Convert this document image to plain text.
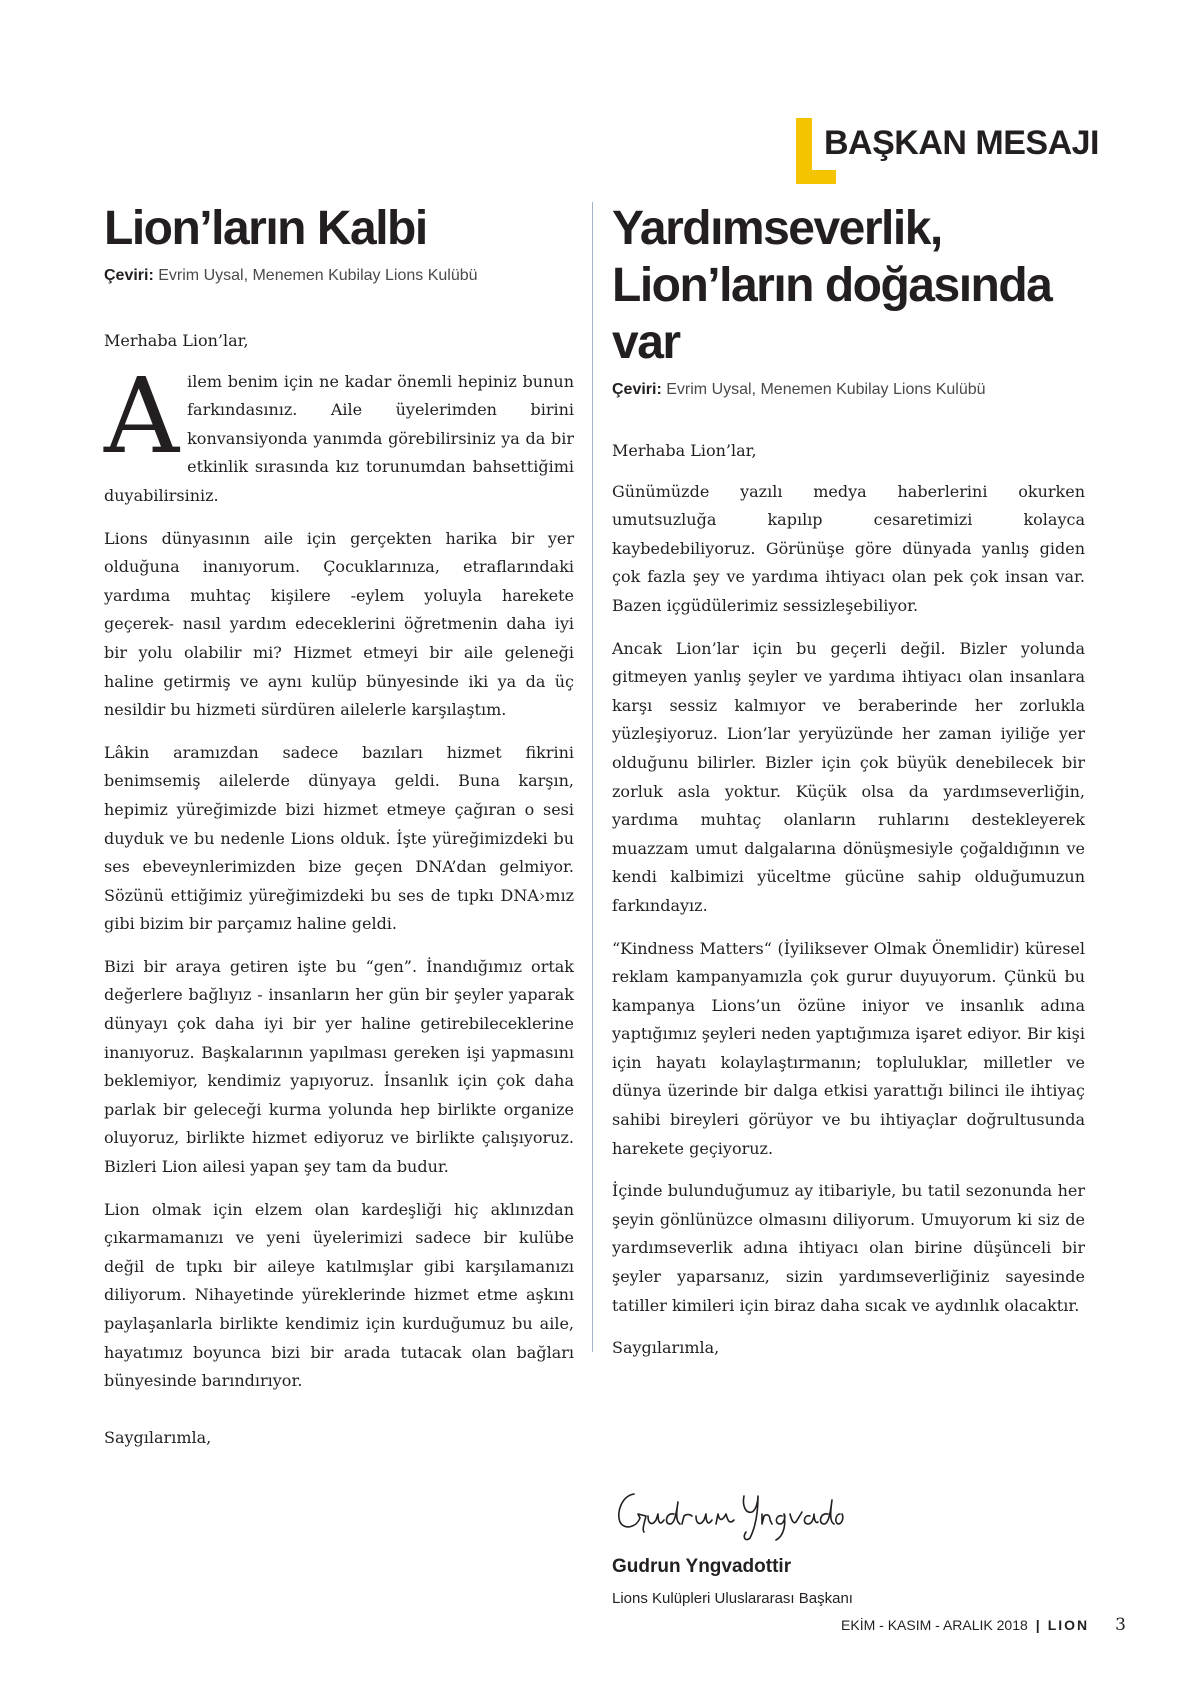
BAŞKAN MESAJI
Lion’ların Kalbi

Çeviri: Evrim Uysal, Menemen Kubilay Lions Kulübü

Merhaba Lion’lar,

Ailem benim için ne kadar önemli hepiniz bunun farkındasınız. Aile üyelerimden birini konvansiyonda yanımda görebilirsiniz ya da bir etkinlik sırasında kız torunumdan bahsettiğimi duyabilirsiniz.

Lions dünyasının aile için gerçekten harika bir yer olduğuna inanıyorum. Çocuklarınıza, etraflarındaki yardıma muhtaç kişilere -eylem yoluyla harekete geçerek- nasıl yardım edeceklerini öğretmenin daha iyi bir yolu olabilir mi? Hizmet etmeyi bir aile geleneği haline getirmiş ve aynı kulüp bünyesinde iki ya da üç nesildir bu hizmeti sürdüren ailelerle karşılaştım.

Lâkin aramızdan sadece bazıları hizmet fikrini benimsemiş ailelerde dünyaya geldi. Buna karşın, hepimiz yüreğimizde bizi hizmet etmeye çağıran o sesi duyduk ve bu nedenle Lions olduk. İşte yüreğimizdeki bu ses ebeveynlerimizden bize geçen DNA’dan gelmiyor. Sözünü ettiğimiz yüreğimizdeki bu ses de tıpkı DNA›mız gibi bizim bir parçamız haline geldi.

Bizi bir araya getiren işte bu “gen”. İnandığımız ortak değerlere bağlıyız - insanların her gün bir şeyler yaparak dünyayı çok daha iyi bir yer haline getirebileceklerine inanıyoruz. Başkalarının yapılması gereken işi yapmasını beklemiyor, kendimiz yapıyoruz. İnsanlık için çok daha parlak bir geleceği kurma yolunda hep birlikte organize oluyoruz, birlikte hizmet ediyoruz ve birlikte çalışıyoruz. Bizleri Lion ailesi yapan şey tam da budur.

Lion olmak için elzem olan kardeşliği hiç aklınızdan çıkarmamanızı ve yeni üyelerimizi sadece bir kulübe değil de tıpkı bir aileye katılmışlar gibi karşılamanızı diliyorum. Nihayetinde yüreklerinde hizmet etme aşkını paylaşanlarla birlikte kendimiz için kurduğumuz bu aile, hayatımız boyunca bizi bir arada tutacak olan bağları bünyesinde barındırıyor.

Saygılarımla,

Yardımseverlik,
Lion’ların doğasında var

Çeviri: Evrim Uysal, Menemen Kubilay Lions Kulübü

Merhaba Lion’lar,

Günümüzde yazılı medya haberlerini okurken umutsuzluğa kapılıp cesaretimizi kolayca kaybedebiliyoruz. Görünüşe göre dünyada yanlış giden çok fazla şey ve yardıma ihtiyacı olan pek çok insan var. Bazen içgüdülerimiz sessizleşebiliyor.

Ancak Lion’lar için bu geçerli değil. Bizler yolunda gitmeyen yanlış şeyler ve yardıma ihtiyacı olan insanlara karşı sessiz kalmıyor ve beraberinde her zorlukla yüzleşiyoruz. Lion’lar yeryüzünde her zaman iyiliğe yer olduğunu bilirler. Bizler için çok büyük denebilecek bir zorluk asla yoktur. Küçük olsa da yardımseverliğin, yardıma muhtaç olanların ruhlarını destekleyerek muazzam umut dalgalarına dönüşmesiyle çoğaldığının ve kendi kalbimizi yüceltme gücüne sahip olduğumuzun farkındayız.

“Kindness Matters“ (İyiliksever Olmak Önemlidir) küresel reklam kampanyamızla çok gurur duyuyorum. Çünkü bu kampanya Lions’un özüne iniyor ve insanlık adına yaptığımız şeyleri neden yaptığımıza işaret ediyor. Bir kişi için hayatı kolaylaştırmanın; topluluklar, milletler ve dünya üzerinde bir dalga etkisi yarattığı bilinci ile ihtiyaç sahibi bireyleri görüyor ve bu ihtiyaçlar doğrultusunda harekete geçiyoruz.

İçinde bulunduğumuz ay itibariyle, bu tatil sezonunda her şeyin gönlünüzce olmasını diliyorum. Umuyorum ki siz de yardımseverlik adına ihtiyacı olan birine düşünceli bir şeyler yaparsanız, sizin yardımseverliğiniz sayesinde tatiller kimileri için biraz daha sıcak ve aydınlık olacaktır.

Saygılarımla,

Gudrun Yngvadottir
Lions Kulüpleri Uluslararası Başkanı
EKİM - KASIM - ARALIK 2018 | LION 3
